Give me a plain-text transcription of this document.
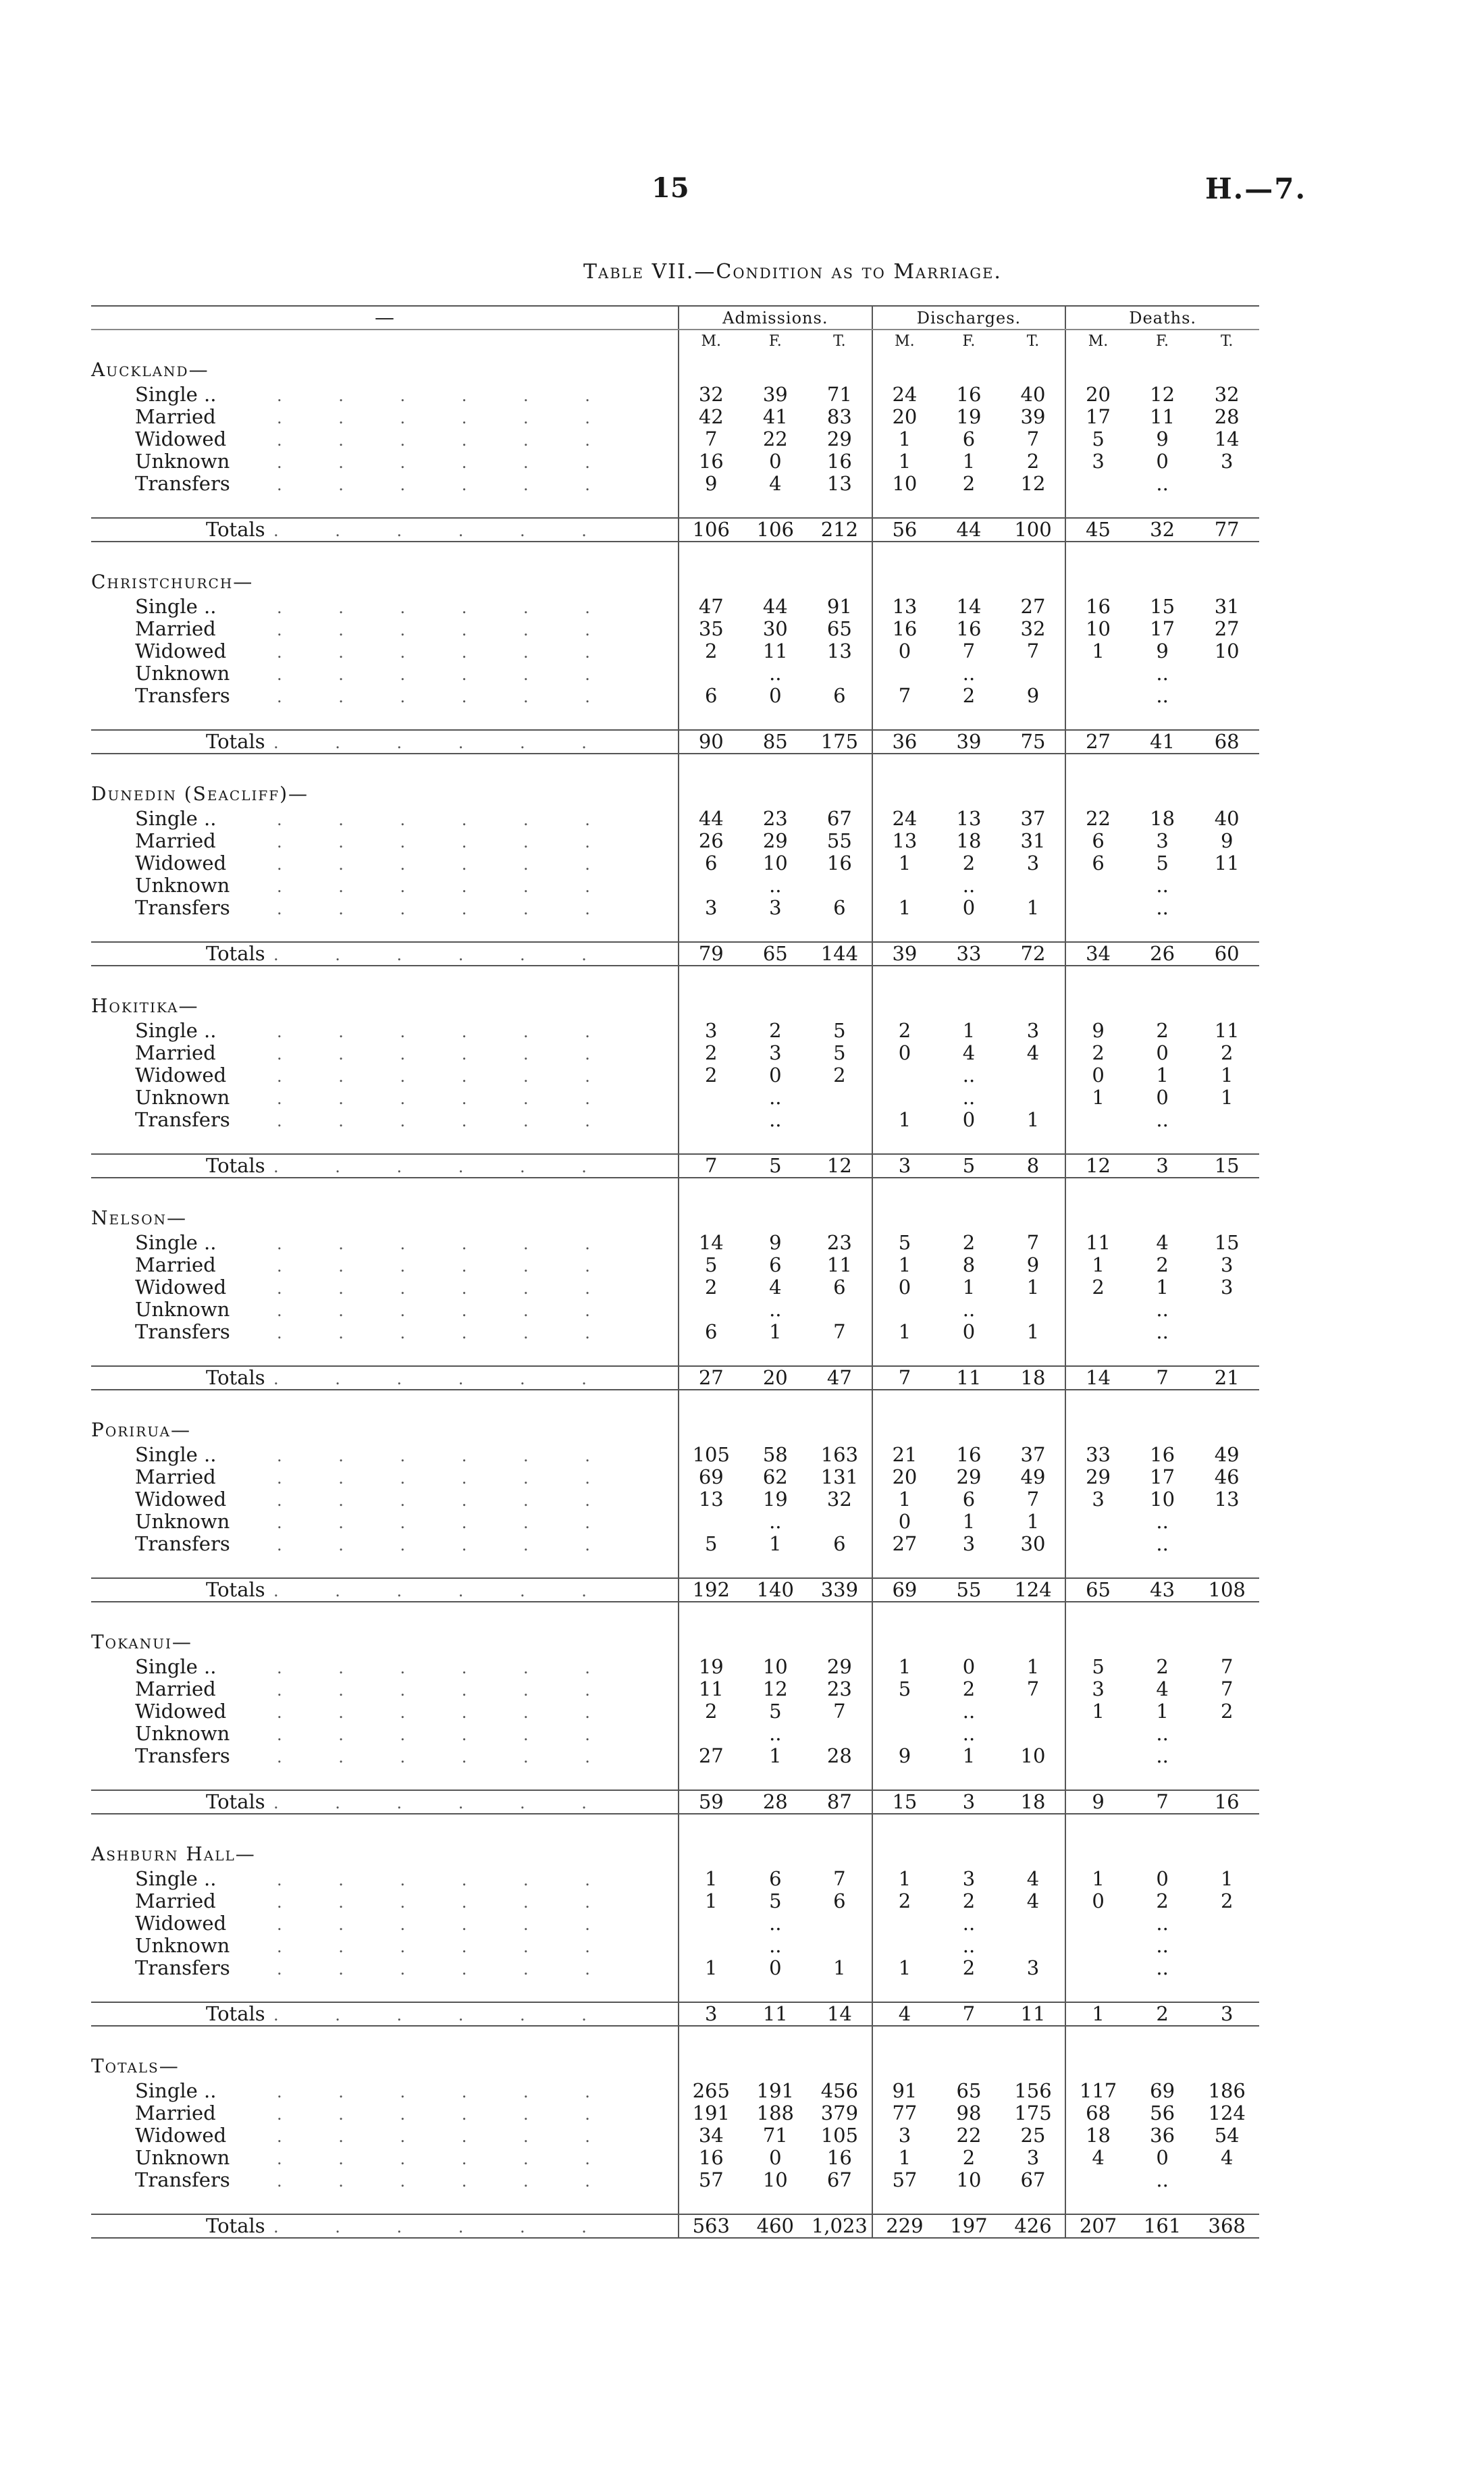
15	H.—7.
Table VII.—Condition as to Marriage.
—	Admissions.			Discharges.			Deaths.		
	M.	F.	T.	M.	F.	T.	M.	F.	T.
Auckland—									
Single .. . . . . . .	32	39	71	24	16	40	20	12	32
Married . . . . . .	42	41	83	20	19	39	17	11	28
Widowed . . . . . .	7	22	29	1	6	7	5	9	14
Unknown . . . . . .	16	0	16	1	1	2	3	0	3
Transfers . . . . . .	9	4	13	10	2	12		..	

Totals . . . . . .	106	106	212	56	44	100	45	32	77

Christchurch—									
Single .. . . . . . .	47	44	91	13	14	27	16	15	31
Married . . . . . .	35	30	65	16	16	32	10	17	27
Widowed . . . . . .	2	11	13	0	7	7	1	9	10
Unknown . . . . . .		..			..			..	
Transfers . . . . . .	6	0	6	7	2	9		..	

Totals . . . . . .	90	85	175	36	39	75	27	41	68

Dunedin (Seacliff)—									
Single .. . . . . . .	44	23	67	24	13	37	22	18	40
Married . . . . . .	26	29	55	13	18	31	6	3	9
Widowed . . . . . .	6	10	16	1	2	3	6	5	11
Unknown . . . . . .		..			..			..	
Transfers . . . . . .	3	3	6	1	0	1		..	

Totals . . . . . .	79	65	144	39	33	72	34	26	60

Hokitika—									
Single .. . . . . . .	3	2	5	2	1	3	9	2	11
Married . . . . . .	2	3	5	0	4	4	2	0	2
Widowed . . . . . .	2	0	2		..		0	1	1
Unknown . . . . . .		..			..		1	0	1
Transfers . . . . . .		..		1	0	1		..	

Totals . . . . . .	7	5	12	3	5	8	12	3	15

Nelson—									
Single .. . . . . . .	14	9	23	5	2	7	11	4	15
Married . . . . . .	5	6	11	1	8	9	1	2	3
Widowed . . . . . .	2	4	6	0	1	1	2	1	3
Unknown . . . . . .		..			..			..	
Transfers . . . . . .	6	1	7	1	0	1		..	

Totals . . . . . .	27	20	47	7	11	18	14	7	21

Porirua—									
Single .. . . . . . .	105	58	163	21	16	37	33	16	49
Married . . . . . .	69	62	131	20	29	49	29	17	46
Widowed . . . . . .	13	19	32	1	6	7	3	10	13
Unknown . . . . . .		..		0	1	1		..	
Transfers . . . . . .	5	1	6	27	3	30		..	

Totals . . . . . .	192	140	339	69	55	124	65	43	108

Tokanui—									
Single .. . . . . . .	19	10	29	1	0	1	5	2	7
Married . . . . . .	11	12	23	5	2	7	3	4	7
Widowed . . . . . .	2	5	7		..		1	1	2
Unknown . . . . . .		..			..			..	
Transfers . . . . . .	27	1	28	9	1	10		..	

Totals . . . . . .	59	28	87	15	3	18	9	7	16

Ashburn Hall—									
Single .. . . . . . .	1	6	7	1	3	4	1	0	1
Married . . . . . .	1	5	6	2	2	4	0	2	2
Widowed . . . . . .		..			..			..	
Unknown . . . . . .		..			..			..	
Transfers . . . . . .	1	0	1	1	2	3		..	

Totals . . . . . .	3	11	14	4	7	11	1	2	3

Totals—									
Single .. . . . . . .	265	191	456	91	65	156	117	69	186
Married . . . . . .	191	188	379	77	98	175	68	56	124
Widowed . . . . . .	34	71	105	3	22	25	18	36	54
Unknown . . . . . .	16	0	16	1	2	3	4	0	4
Transfers . . . . . .	57	10	67	57	10	67		..	

Totals . . . . . .	563	460	1,023	229	197	426	207	161	368
